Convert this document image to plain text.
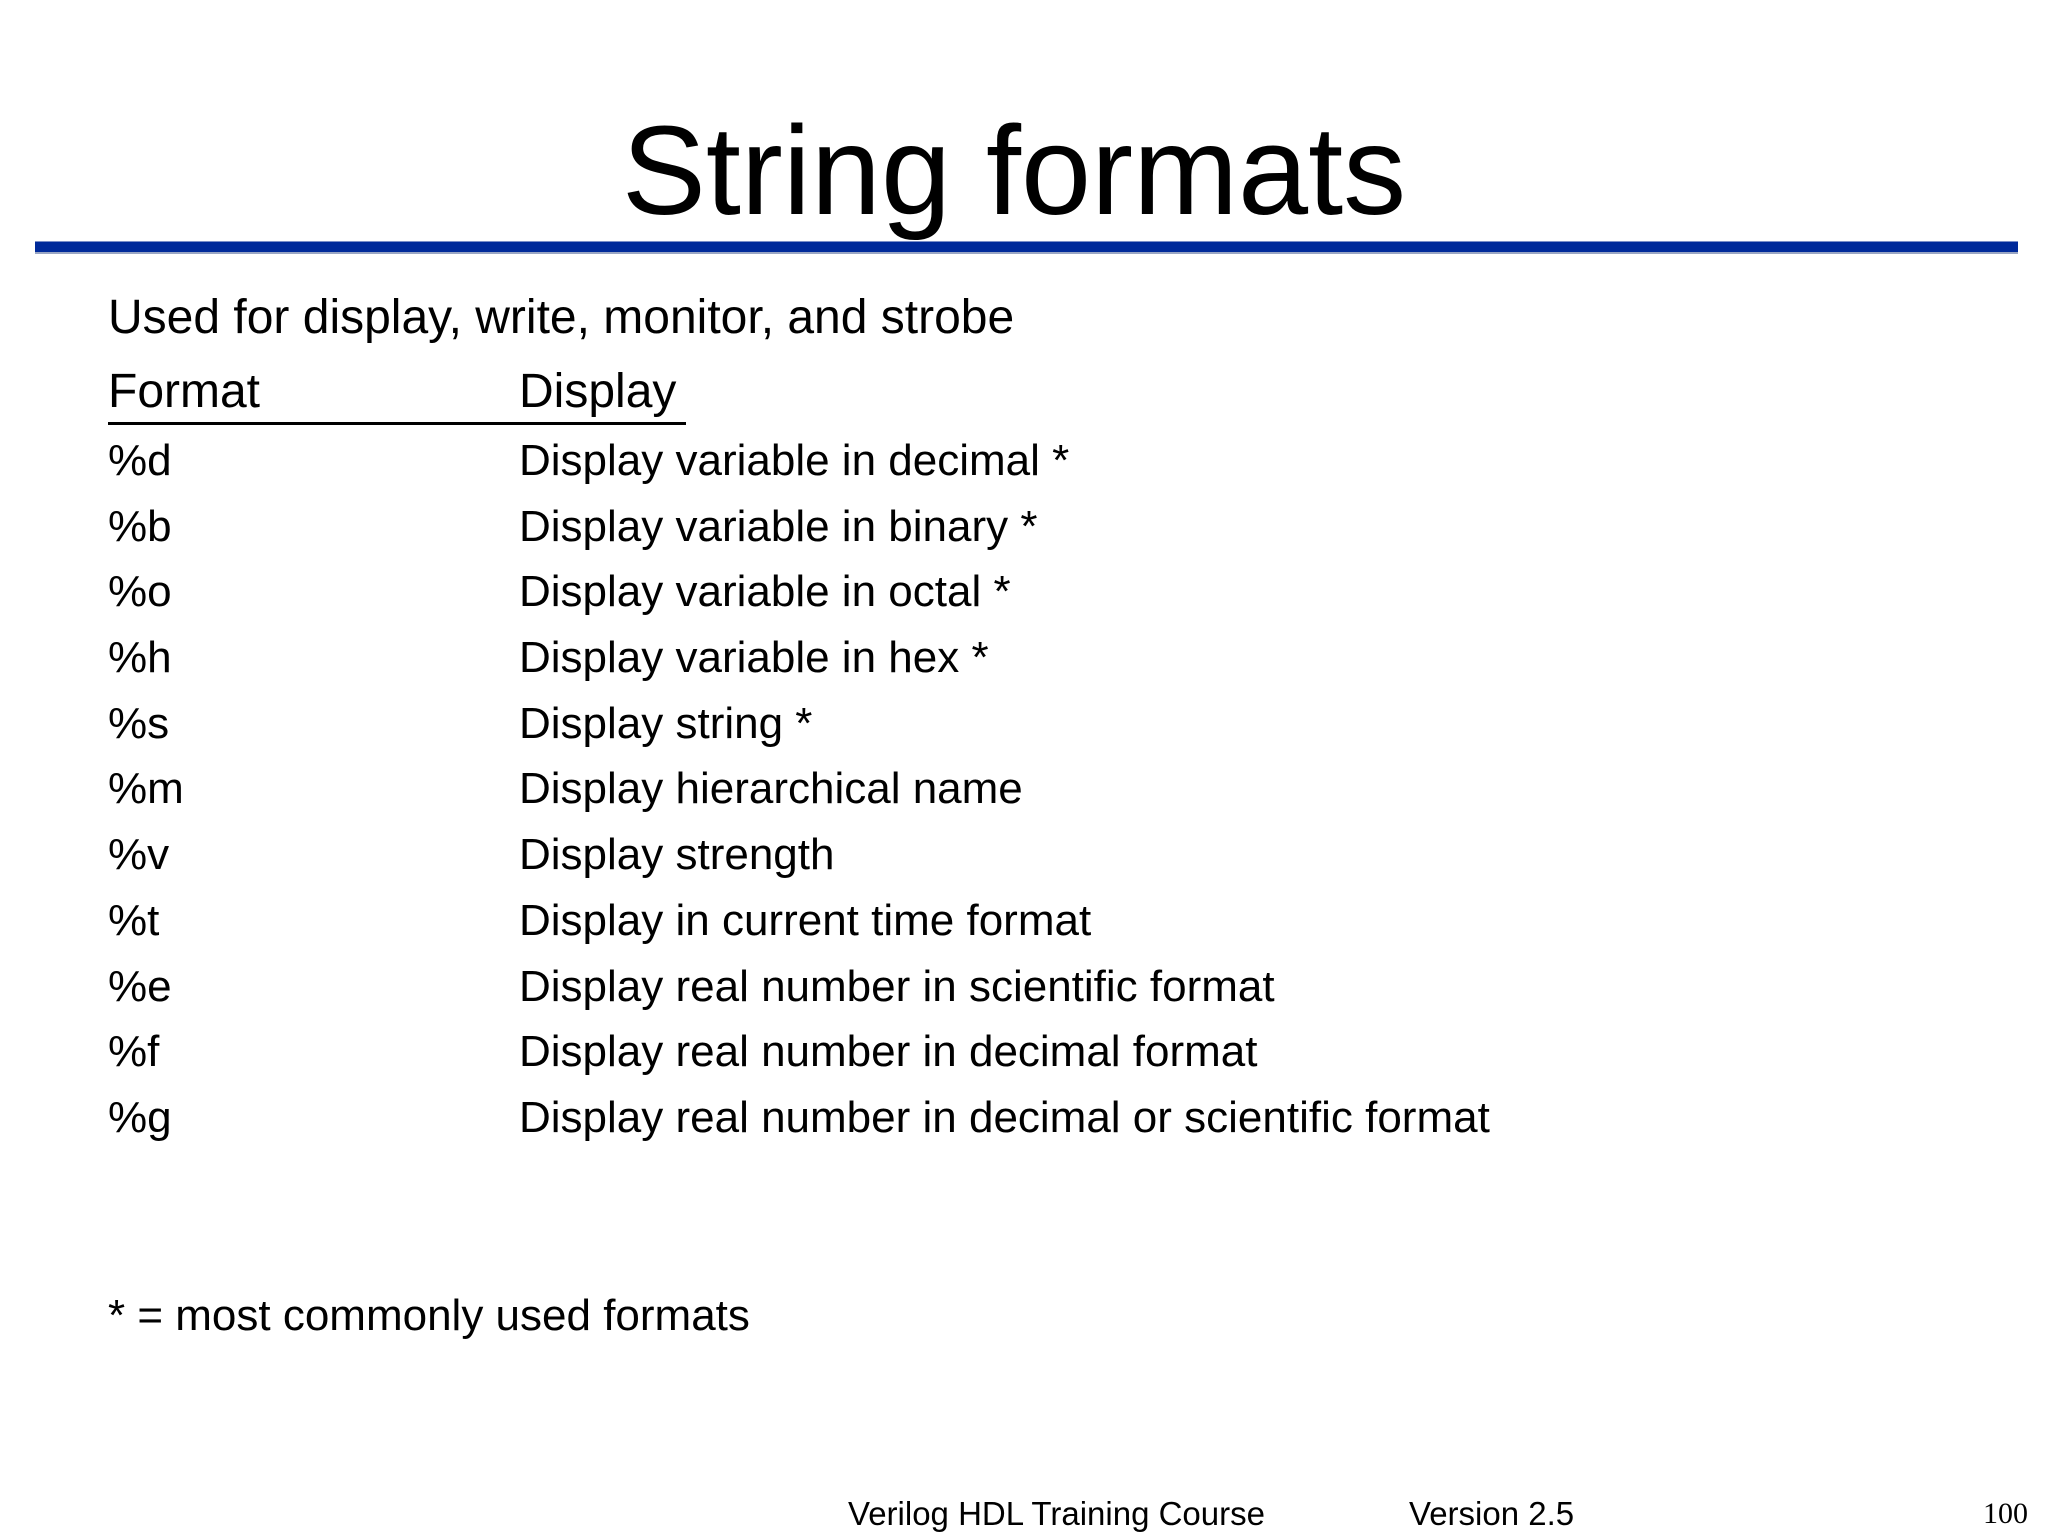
String formats
Used for display, write, monitor, and strobe
Format	Display
%d	Display variable in decimal *
%b	Display variable in binary *
%o	Display variable in octal *
%h	Display variable in hex *
%s	Display string *
%m	Display hierarchical name
%v	Display strength
%t	Display in current time format
%e	Display real number in scientific format
%f	Display real number in decimal format
%g	Display real number in decimal or scientific format
* = most commonly used formats
Verilog HDL Training Course	Version 2.5	100
